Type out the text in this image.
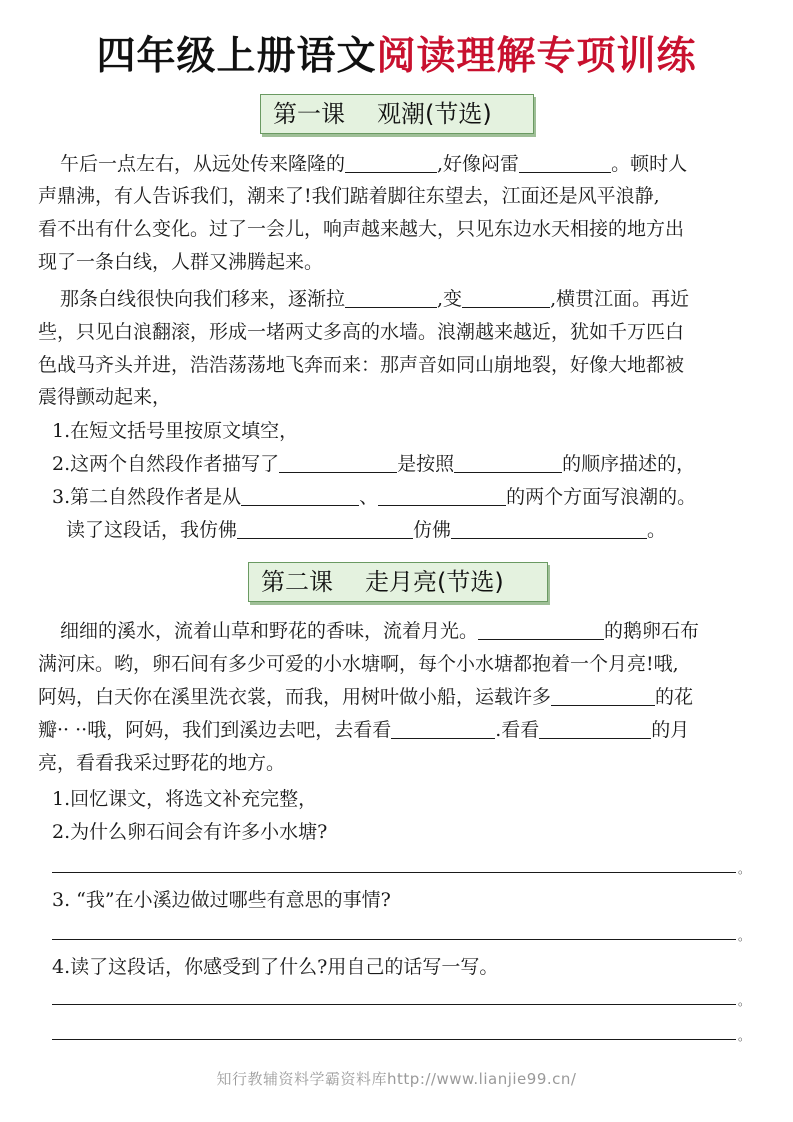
四年级上册语文阅读理解专项训练
第一课 观潮(节选)
午后一点左右，从远处传来隆隆的	,好像闷雷	。顿时人
声鼎沸，有人告诉我们，潮来了!我们踮着脚往东望去，江面还是风平浪静,
看不出有什么变化。过了一会儿，响声越来越大，只见东边水天相接的地方出
现了一条白线，人群又沸腾起来。
那条白线很快向我们移来，逐渐拉	,变	,横贯江面。再近
些，只见白浪翻滚，形成一堵两丈多高的水墙。浪潮越来越近，犹如千万匹白
色战马齐头并进，浩浩荡荡地飞奔而来：那声音如同山崩地裂，好像大地都被
震得颤动起来，
1.在短文括号里按原文填空，
2.这两个自然段作者描写了	是按照	的顺序描述的，
3.第二自然段作者是从	、	的两个方面写浪潮的。
读了这段话，我仿佛	仿佛	。
第二课 走月亮(节选)
细细的溪水，流着山草和野花的香味，流着月光。	的鹅卵石布
满河床。哟，卵石间有多少可爱的小水塘啊，每个小水塘都抱着一个月亮!哦,
阿妈，白天你在溪里洗衣裳，而我，用树叶做小船，运载许多	的花
瓣·· ··哦，阿妈，我们到溪边去吧，去看看	.看看	的月
亮，看看我采过野花的地方。
1.回忆课文，将选文补充完整，
2.为什么卵石间会有许多小水塘?
。
3. “我”在小溪边做过哪些有意思的事情?
。
4.读了这段话，你感受到了什么?用自己的话写一写。
。
。
知行教辅资料学霸资料库http://www.lianjie99.cn/
